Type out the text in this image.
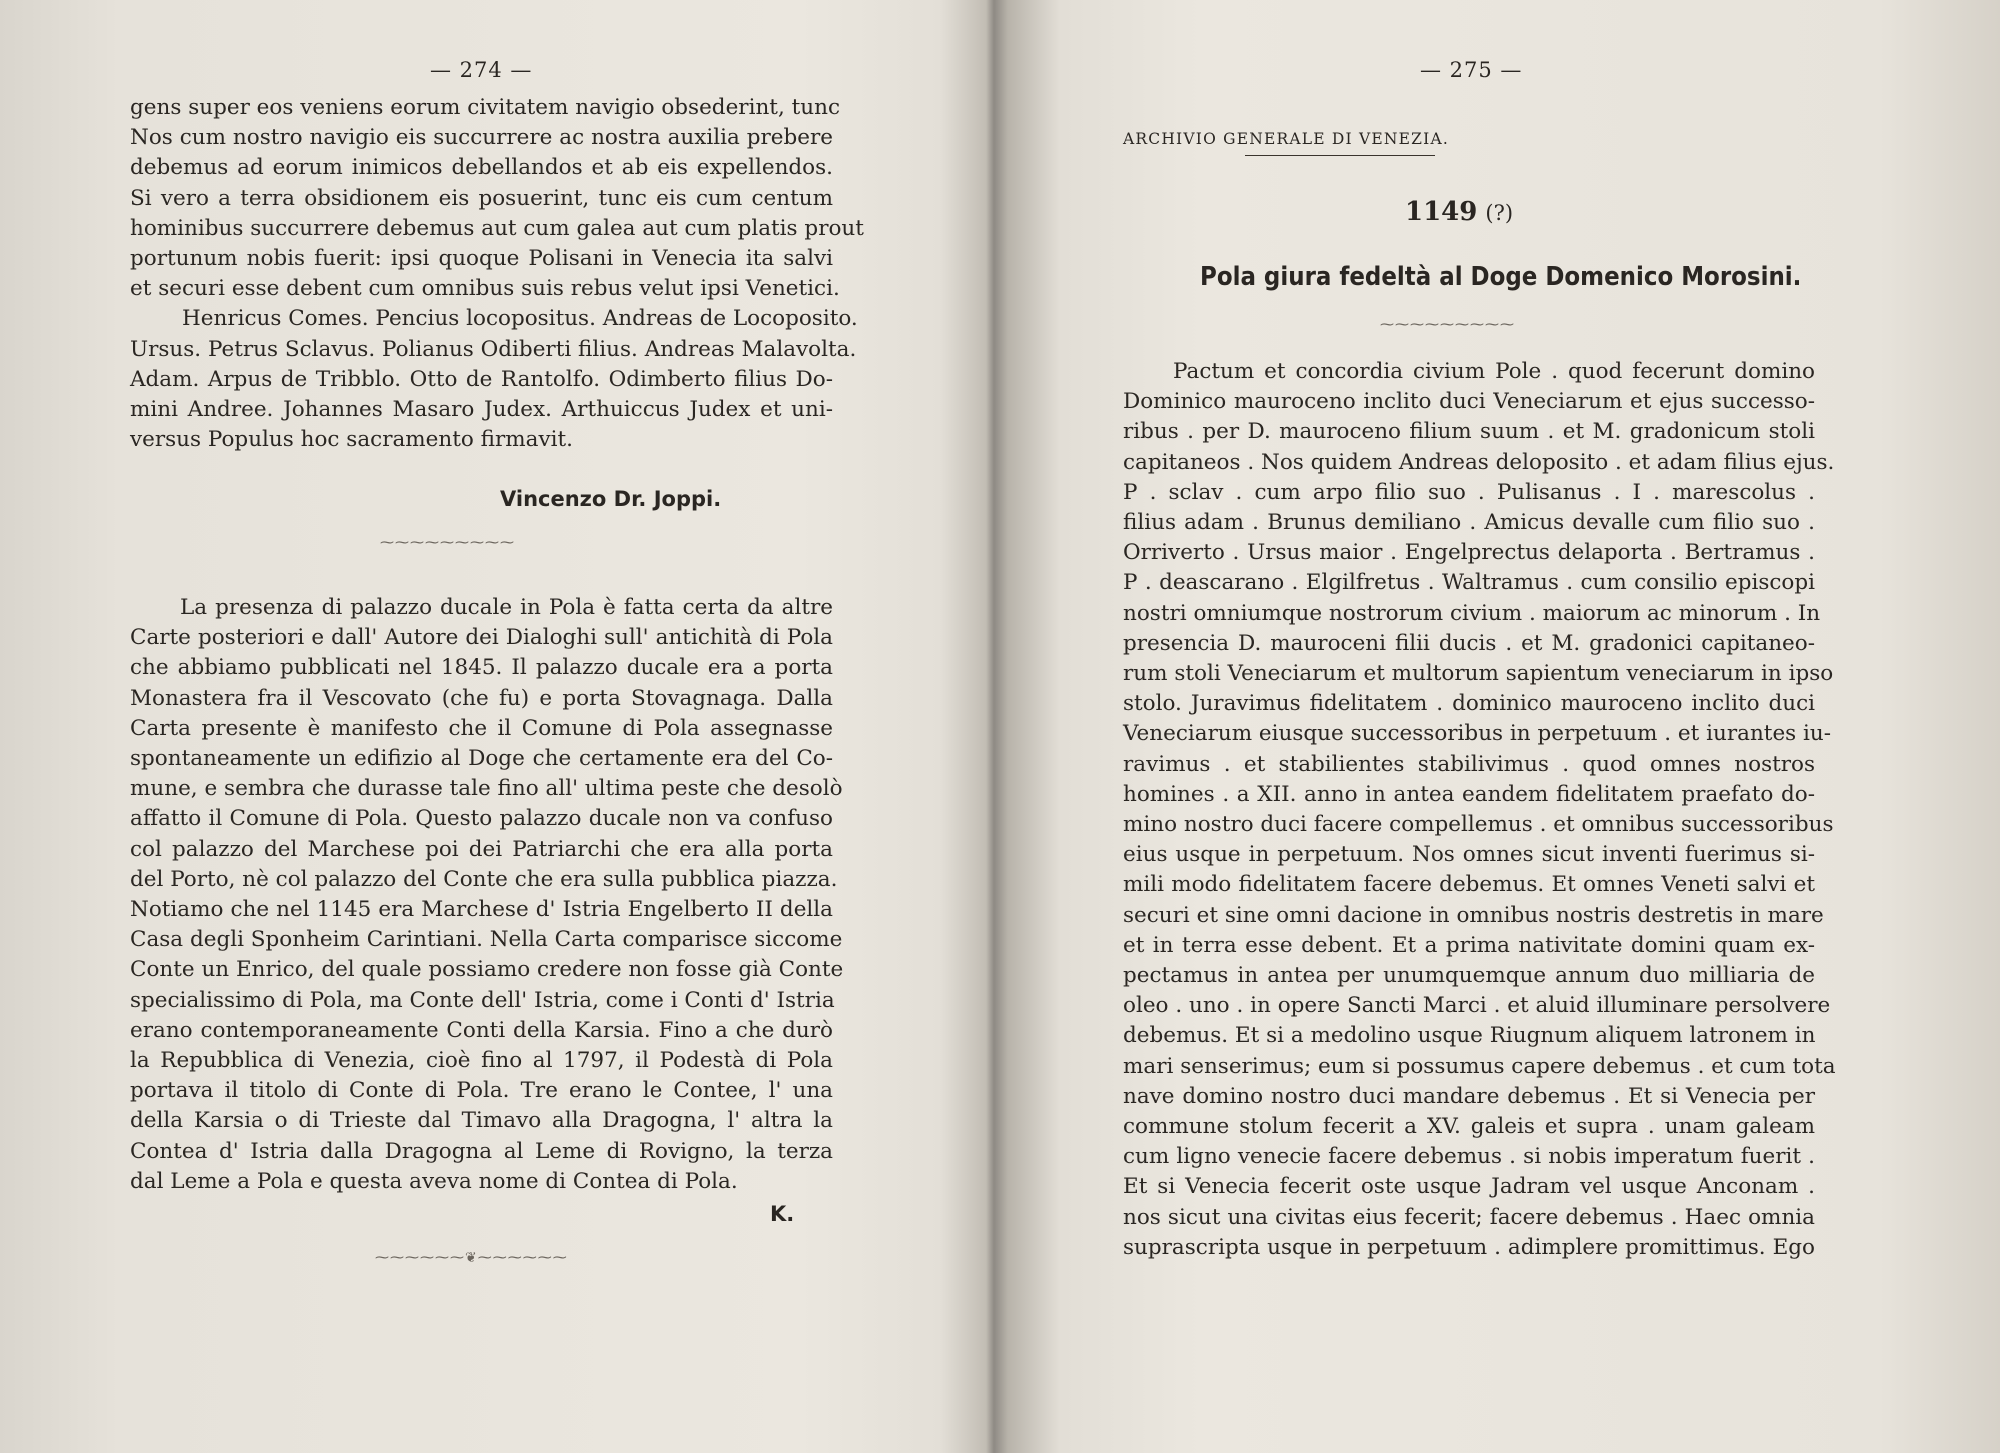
— 274 —
gens super eos veniens eorum civitatem navigio obsederint, tunc
Nos cum nostro navigio eis succurrere ac nostra auxilia prebere
debemus ad eorum inimicos debellandos et ab eis expellendos.
Si vero a terra obsidionem eis posuerint, tunc eis cum centum
hominibus succurrere debemus aut cum galea aut cum platis prout
portunum nobis fuerit: ipsi quoque Polisani in Venecia ita salvi
et securi esse debent cum omnibus suis rebus velut ipsi Venetici.
Henricus Comes. Pencius locopositus. Andreas de Locoposito.
Ursus. Petrus Sclavus. Polianus Odiberti filius. Andreas Malavolta.
Adam. Arpus de Tribblo. Otto de Rantolfo. Odimberto filius Do-
mini Andree. Johannes Masaro Judex. Arthuiccus Judex et uni-
versus Populus hoc sacramento firmavit.
Vincenzo Dr. Joppi.
⁓⁓⁓⁓⁓⁓⁓⁓⁓
La presenza di palazzo ducale in Pola è fatta certa da altre
Carte posteriori e dall' Autore dei Dialoghi sull' antichità di Pola
che abbiamo pubblicati nel 1845. Il palazzo ducale era a porta
Monastera fra il Vescovato (che fu) e porta Stovagnaga. Dalla
Carta presente è manifesto che il Comune di Pola assegnasse
spontaneamente un edifizio al Doge che certamente era del Co-
mune, e sembra che durasse tale fino all' ultima peste che desolò
affatto il Comune di Pola. Questo palazzo ducale non va confuso
col palazzo del Marchese poi dei Patriarchi che era alla porta
del Porto, nè col palazzo del Conte che era sulla pubblica piazza.
Notiamo che nel 1145 era Marchese d' Istria Engelberto II della
Casa degli Sponheim Carintiani. Nella Carta comparisce siccome
Conte un Enrico, del quale possiamo credere non fosse già Conte
specialissimo di Pola, ma Conte dell' Istria, come i Conti d' Istria
erano contemporaneamente Conti della Karsia. Fino a che durò
la Repubblica di Venezia, cioè fino al 1797, il Podestà di Pola
portava il titolo di Conte di Pola. Tre erano le Contee, l' una
della Karsia o di Trieste dal Timavo alla Dragogna, l' altra la
Contea d' Istria dalla Dragogna al Leme di Rovigno, la terza
dal Leme a Pola e questa aveva nome di Contea di Pola.
K.
⁓⁓⁓⁓⁓⁓❦⁓⁓⁓⁓⁓⁓
— 275 —
ARCHIVIO GENERALE DI VENEZIA.
1149 (?)
Pola giura fedeltà al Doge Domenico Morosini.
⁓⁓⁓⁓⁓⁓⁓⁓⁓
Pactum et concordia civium Pole . quod fecerunt domino
Dominico mauroceno inclito duci Veneciarum et ejus successo-
ribus . per D. mauroceno filium suum . et M. gradonicum stoli
capitaneos . Nos quidem Andreas deloposito . et adam filius ejus.
P . sclav . cum arpo filio suo . Pulisanus . I . marescolus .
filius adam . Brunus demiliano . Amicus devalle cum filio suo .
Orriverto . Ursus maior . Engelprectus delaporta . Bertramus .
P . deascarano . Elgilfretus . Waltramus . cum consilio episcopi
nostri omniumque nostrorum civium . maiorum ac minorum . In
presencia D. mauroceni filii ducis . et M. gradonici capitaneo-
rum stoli Veneciarum et multorum sapientum veneciarum in ipso
stolo. Juravimus fidelitatem . dominico mauroceno inclito duci
Veneciarum eiusque successoribus in perpetuum . et iurantes iu-
ravimus . et stabilientes stabilivimus . quod omnes nostros
homines . a XII. anno in antea eandem fidelitatem praefato do-
mino nostro duci facere compellemus . et omnibus successoribus
eius usque in perpetuum. Nos omnes sicut inventi fuerimus si-
mili modo fidelitatem facere debemus. Et omnes Veneti salvi et
securi et sine omni dacione in omnibus nostris destretis in mare
et in terra esse debent. Et a prima nativitate domini quam ex-
pectamus in antea per unumquemque annum duo milliaria de
oleo . uno . in opere Sancti Marci . et aluid illuminare persolvere
debemus. Et si a medolino usque Riugnum aliquem latronem in
mari senserimus; eum si possumus capere debemus . et cum tota
nave domino nostro duci mandare debemus . Et si Venecia per
commune stolum fecerit a XV. galeis et supra . unam galeam
cum ligno venecie facere debemus . si nobis imperatum fuerit .
Et si Venecia fecerit oste usque Jadram vel usque Anconam .
nos sicut una civitas eius fecerit; facere debemus . Haec omnia
suprascripta usque in perpetuum . adimplere promittimus. Ego
